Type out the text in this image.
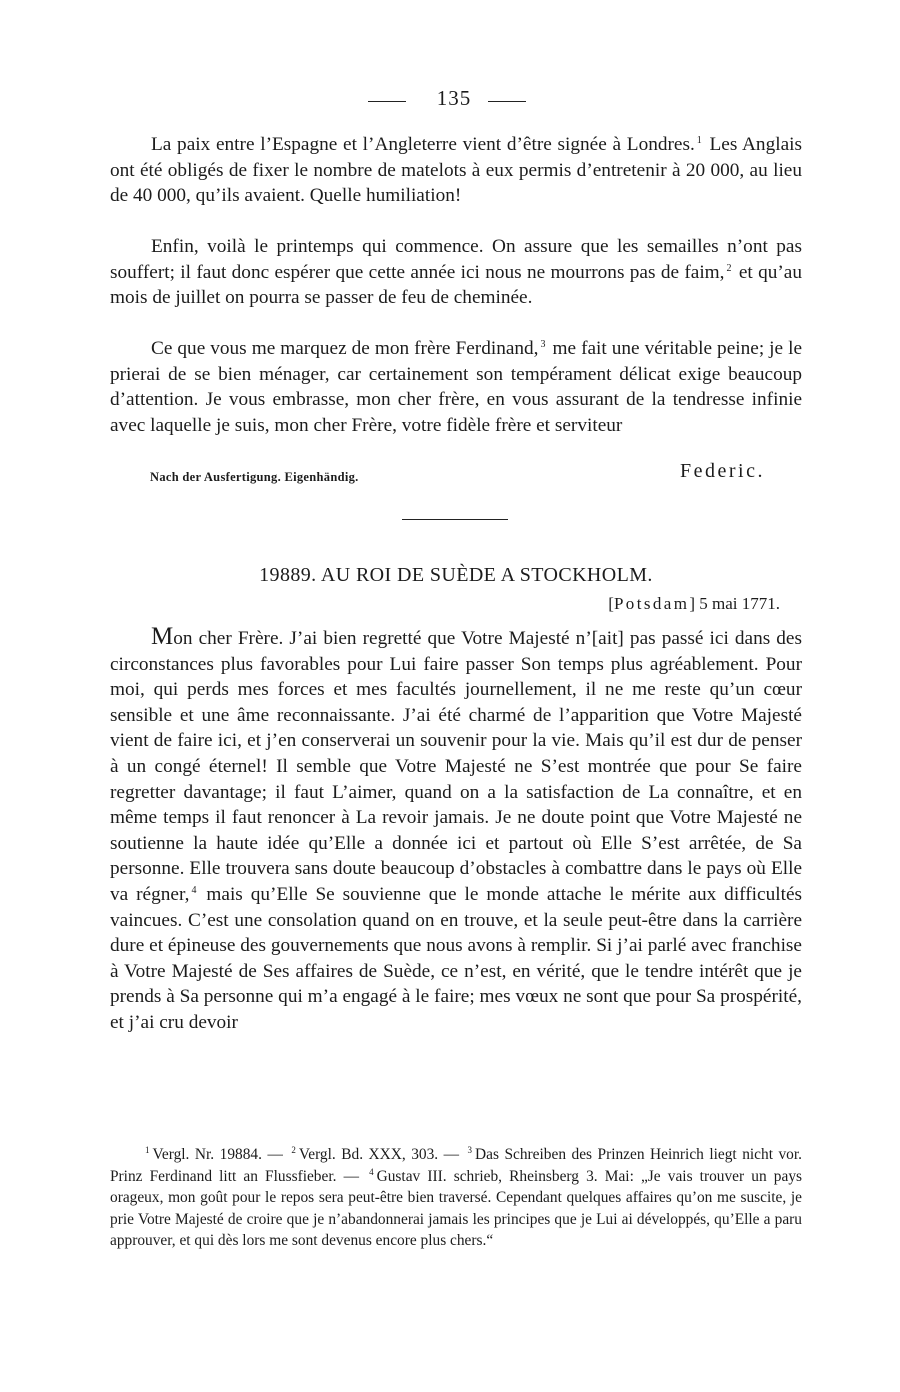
135

La paix entre l’Espagne et l’Angleterre vient d’être signée à Londres. $^1$ Les Anglais ont été obligés de fixer le nombre de matelots à eux permis d’entretenir à 20 000, au lieu de 40 000, qu’ils avaient. Quelle humiliation!

Enfin, voilà le printemps qui commence. On assure que les semailles n’ont pas souffert; il faut donc espérer que cette année ici nous ne mourrons pas de faim, $^2$ et qu’au mois de juillet on pourra se passer de feu de cheminée.

Ce que vous me marquez de mon frère Ferdinand, $^3$ me fait une véritable peine; je le prierai de se bien ménager, car certainement son tempérament délicat exige beaucoup d’attention. Je vous embrasse, mon cher frère, en vous assurant de la tendresse infinie avec laquelle je suis, mon cher Frère, votre fidèle frère et serviteur

Nach der Ausfertigung. Eigenhändig.	Federic.
19889. AU ROI DE SUÈDE A STOCKHOLM.
[Potsdam] 5 mai 1771.

Mon cher Frère. J’ai bien regretté que Votre Majesté n’[ait] pas passé ici dans des circonstances plus favorables pour Lui faire passer Son temps plus agréablement. Pour moi, qui perds mes forces et mes facultés journellement, il ne me reste qu’un cœur sensible et une âme reconnaissante. J’ai été charmé de l’apparition que Votre Majesté vient de faire ici, et j’en conserverai un souvenir pour la vie. Mais qu’il est dur de penser à un congé éternel! Il semble que Votre Majesté ne S’est montrée que pour Se faire regretter davantage; il faut L’aimer, quand on a la satisfaction de La connaître, et en même temps il faut renoncer à La revoir jamais. Je ne doute point que Votre Majesté ne soutienne la haute idée qu’Elle a donnée ici et partout où Elle S’est arrêtée, de Sa personne. Elle trouvera sans doute beaucoup d’obstacles à combattre dans le pays où Elle va régner, $^4$ mais qu’Elle Se souvienne que le monde attache le mérite aux difficultés vaincues. C’est une consolation quand on en trouve, et la seule peut-être dans la carrière dure et épineuse des gouvernements que nous avons à remplir. Si j’ai parlé avec franchise à Votre Majesté de Ses affaires de Suède, ce n’est, en vérité, que le tendre intérêt que je prends à Sa personne qui m’a engagé à le faire; mes vœux ne sont que pour Sa prospérité, et j’ai cru devoir

$^1$ Vergl. Nr. 19884. — $^2$ Vergl. Bd. XXX, 303. — $^3$ Das Schreiben des Prinzen Heinrich liegt nicht vor. Prinz Ferdinand litt an Flussfieber. — $^4$ Gustav III. schrieb, Rheinsberg 3. Mai: „Je vais trouver un pays orageux, mon goût pour le repos sera peut-être bien traversé. Cependant quelques affaires qu’on me suscite, je prie Votre Majesté de croire que je n’abandonnerai jamais les principes que je Lui ai développés, qu’Elle a paru approuver, et qui dès lors me sont devenus encore plus chers.“
